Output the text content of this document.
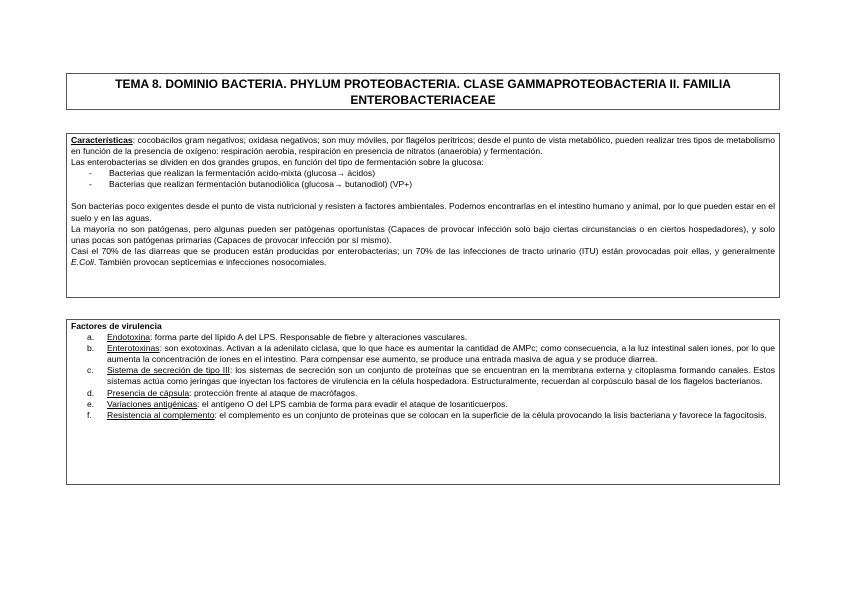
TEMA 8. DOMINIO BACTERIA. PHYLUM PROTEOBACTERIA. CLASE GAMMAPROTEOBACTERIA II. FAMILIA
ENTEROBACTERIACEAE

Características: cocobacilos gram negativos; oxidasa negativos; son muy móviles, por flagelos peritricos; desde el punto de vista metabólico, pueden realizar tres tipos de metabolismo en función de la presencia de oxígeno: respiración aerobia, respiración en presencia de nitratos (anaerobia) y fermentación.

Las enterobacterias se dividen en dos grandes grupos, en función del tipo de fermentación sobre la glucosa:

- Bacterias que realizan la fermentación acido-mixta (glucosa→ ácidos)
- Bacterias que realizan fermentación butanodiólica (glucosa→ butanodiol) (VP+)

Son bacterias poco exigentes desde el punto de vista nutricional y resisten a factores ambientales. Podemos encontrarlas en el intestino humano y animal, por lo que pueden estar en el suelo y en las aguas.

La mayoría no son patógenas, pero algunas pueden ser patógenas oportunistas (Capaces de provocar infección solo bajo ciertas circunstancias o en ciertos hospedadores), y solo unas pocas son patógenas primarias (Capaces de provocar infección por sí mismo).

Casi el 70% de las diarreas que se producen están producidas por enterobacterias; un 70% de las infecciones de tracto urinario (ITU) están provocadas poir ellas, y generalmente E.Coli. También provocan septicemias e infecciones nosocomiales.

Factores de virulencia

a. Endotoxina: forma parte del lípido A del LPS. Responsable de fiebre y alteraciones vasculares.
b. Enterotoxinas: son exotoxinas. Activan a la adenilato ciclasa, que lo que hace es aumentar la cantidad de AMPc; como consecuencia, a la luz intestinal salen iones, por lo que aumenta la concentración de iones en el intestino. Para compensar ese aumento, se produce una entrada masiva de agua y se produce diarrea.
c. Sistema de secreción de tipo III: los sistemas de secreción son un conjunto de proteínas que se encuentran en la membrana externa y citoplasma formando canales. Estos sistemas actúa como jeringas que inyectan los factores de virulencia en la célula hospedadora. Estructuralmente, recuerdan al corpúsculo basal de los flagelos bacterianos.
d. Presencia de cápsula: protección frente al ataque de macrófagos.
e. Variaciones antigénicas: el antígeno O del LPS cambia de forma para evadir el ataque de losanticuerpos.
f. Resistencia al complemento: el complemento es un conjunto de proteínas que se colocan en la superficie de la célula provocando la lisis bacteriana y favorece la fagocitosis.
